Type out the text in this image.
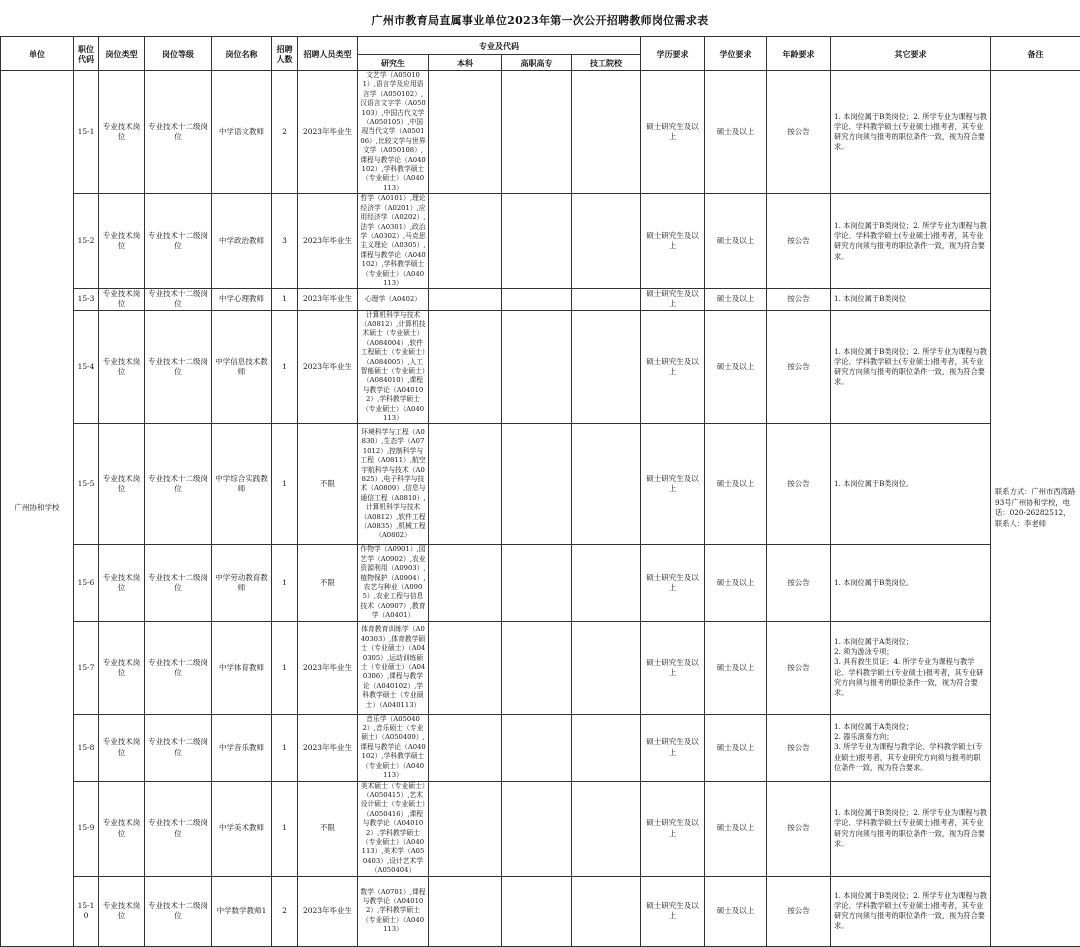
广州市教育局直属事业单位2023年第一次公开招聘教师岗位需求表
单位	职位代码	岗位类型	岗位等级	岗位名称	招聘人数	招聘人员类型	专业及代码				学历要求	学位要求	年龄要求	其它要求	备注
							研究生	本科	高职高专	技工院校					
广州协和学校	15-1	专业技术岗位	专业技术十二级岗位	中学语文教师	2	2023年毕业生	文艺学（A050101）,语言学及应用语言学（A050102）,汉语言文字学（A050103）,中国古代文学（A050105）,中国现当代文学（A050106）,比较文学与世界文学（A050108）,课程与教学论（A040102）,学科教学硕士（专业硕士）（A040113）				硕士研究生及以上	硕士及以上	按公告	1. 本岗位属于B类岗位；2. 所学专业为课程与教学论、学科教学硕士(专业硕士)报考者，其专业研究方向须与报考的职位条件一致，视为符合要求。	联系方式：广州市西湾路93号广州协和学校，电话：020-26282512，联系人：李老师
	15-2	专业技术岗位	专业技术十二级岗位	中学政治教师	3	2023年毕业生	哲学（A0101）,理论经济学（A0201）,应用经济学（A0202）,法学（A0301）,政治学（A0302）,马克思主义理论（A0305）,课程与教学论（A040102）,学科教学硕士（专业硕士）（A040113）				硕士研究生及以上	硕士及以上	按公告	1. 本岗位属于B类岗位；2. 所学专业为课程与教学论、学科教学硕士(专业硕士)报考者，其专业研究方向须与报考的职位条件一致，视为符合要求。	
	15-3	专业技术岗位	专业技术十二级岗位	中学心理教师	1	2023年毕业生	心理学（A0402）				硕士研究生及以上	硕士及以上	按公告	1. 本岗位属于B类岗位	
	15-4	专业技术岗位	专业技术十二级岗位	中学信息技术教师	1	2023年毕业生	计算机科学与技术（A0812）,计算机技术硕士（专业硕士）（A084004）,软件工程硕士（专业硕士）（A084005）,人工智能硕士（专业硕士）（A084010）,课程与教学论（A040102）,学科教学硕士（专业硕士）（A040113）				硕士研究生及以上	硕士及以上	按公告	1. 本岗位属于B类岗位；2. 所学专业为课程与教学论、学科教学硕士(专业硕士)报考者，其专业研究方向须与报考的职位条件一致，视为符合要求。	
	15-5	专业技术岗位	专业技术十二级岗位	中学综合实践教师	1	不限	环境科学与工程（A0830）,生态学（A071012）,控制科学与工程（A0811）,航空宇航科学与技术（A0825）,电子科学与技术（A0809）,信息与通信工程（A0810）,计算机科学与技术（A0812）,软件工程（A0835）,机械工程（A0802）				硕士研究生及以上	硕士及以上	按公告	1. 本岗位属于B类岗位。	
	15-6	专业技术岗位	专业技术十二级岗位	中学劳动教育教师	1	不限	作物学（A0901）,园艺学（A0902）,农业资源利用（A0903）,植物保护（A0904）,农艺与种业（A0905）,农业工程与信息技术（A0907）,教育学（A0401）				硕士研究生及以上	硕士及以上	按公告	1. 本岗位属于B类岗位。	
	15-7	专业技术岗位	专业技术十二级岗位	中学体育教师	1	2023年毕业生	体育教育训练学（A040303）,体育教学硕士（专业硕士）（A040305）,运动训练硕士（专业硕士）（A040306）,课程与教学论（A040102）,学科教学硕士（专业硕士）（A040113）				硕士研究生及以上	硕士及以上	按公告	1. 本岗位属于A类岗位；
2. 须为游泳专项；
3. 具有救生员证；4. 所学专业为课程与教学论、学科教学硕士(专业硕士)报考者，其专业研究方向须与报考的职位条件一致，视为符合要求。	
	15-8	专业技术岗位	专业技术十二级岗位	中学音乐教师	1	2023年毕业生	音乐学（A050402）,音乐硕士（专业硕士）（A050409）,课程与教学论（A040102）,学科教学硕士（专业硕士）（A040113）				硕士研究生及以上	硕士及以上	按公告	1. 本岗位属于A类岗位；
2. 器乐演奏方向；
3. 所学专业为课程与教学论、学科教学硕士(专业硕士)报考者，其专业研究方向须与报考的职位条件一致，视为符合要求。	
	15-9	专业技术岗位	专业技术十二级岗位	中学美术教师	1	不限	美术硕士（专业硕士）（A050415）,艺术设计硕士（专业硕士）（A050416）,课程与教学论（A040102）,学科教学硕士（专业硕士）（A040113）,美术学（A050403）,设计艺术学（A050404）				硕士研究生及以上	硕士及以上	按公告	1. 本岗位属于B类岗位；2. 所学专业为课程与教学论、学科教学硕士(专业硕士)报考者，其专业研究方向须与报考的职位条件一致，视为符合要求。	
	15-10	专业技术岗位	专业技术十二级岗位	中学数学教师1	2	2023年毕业生	数学（A0701）,课程与教学论（A040102）,学科教学硕士（专业硕士）（A040113）				硕士研究生及以上	硕士及以上	按公告	1. 本岗位属于B类岗位；2. 所学专业为课程与教学论、学科教学硕士(专业硕士)报考者，其专业研究方向须与报考的职位条件一致，视为符合要求。	
